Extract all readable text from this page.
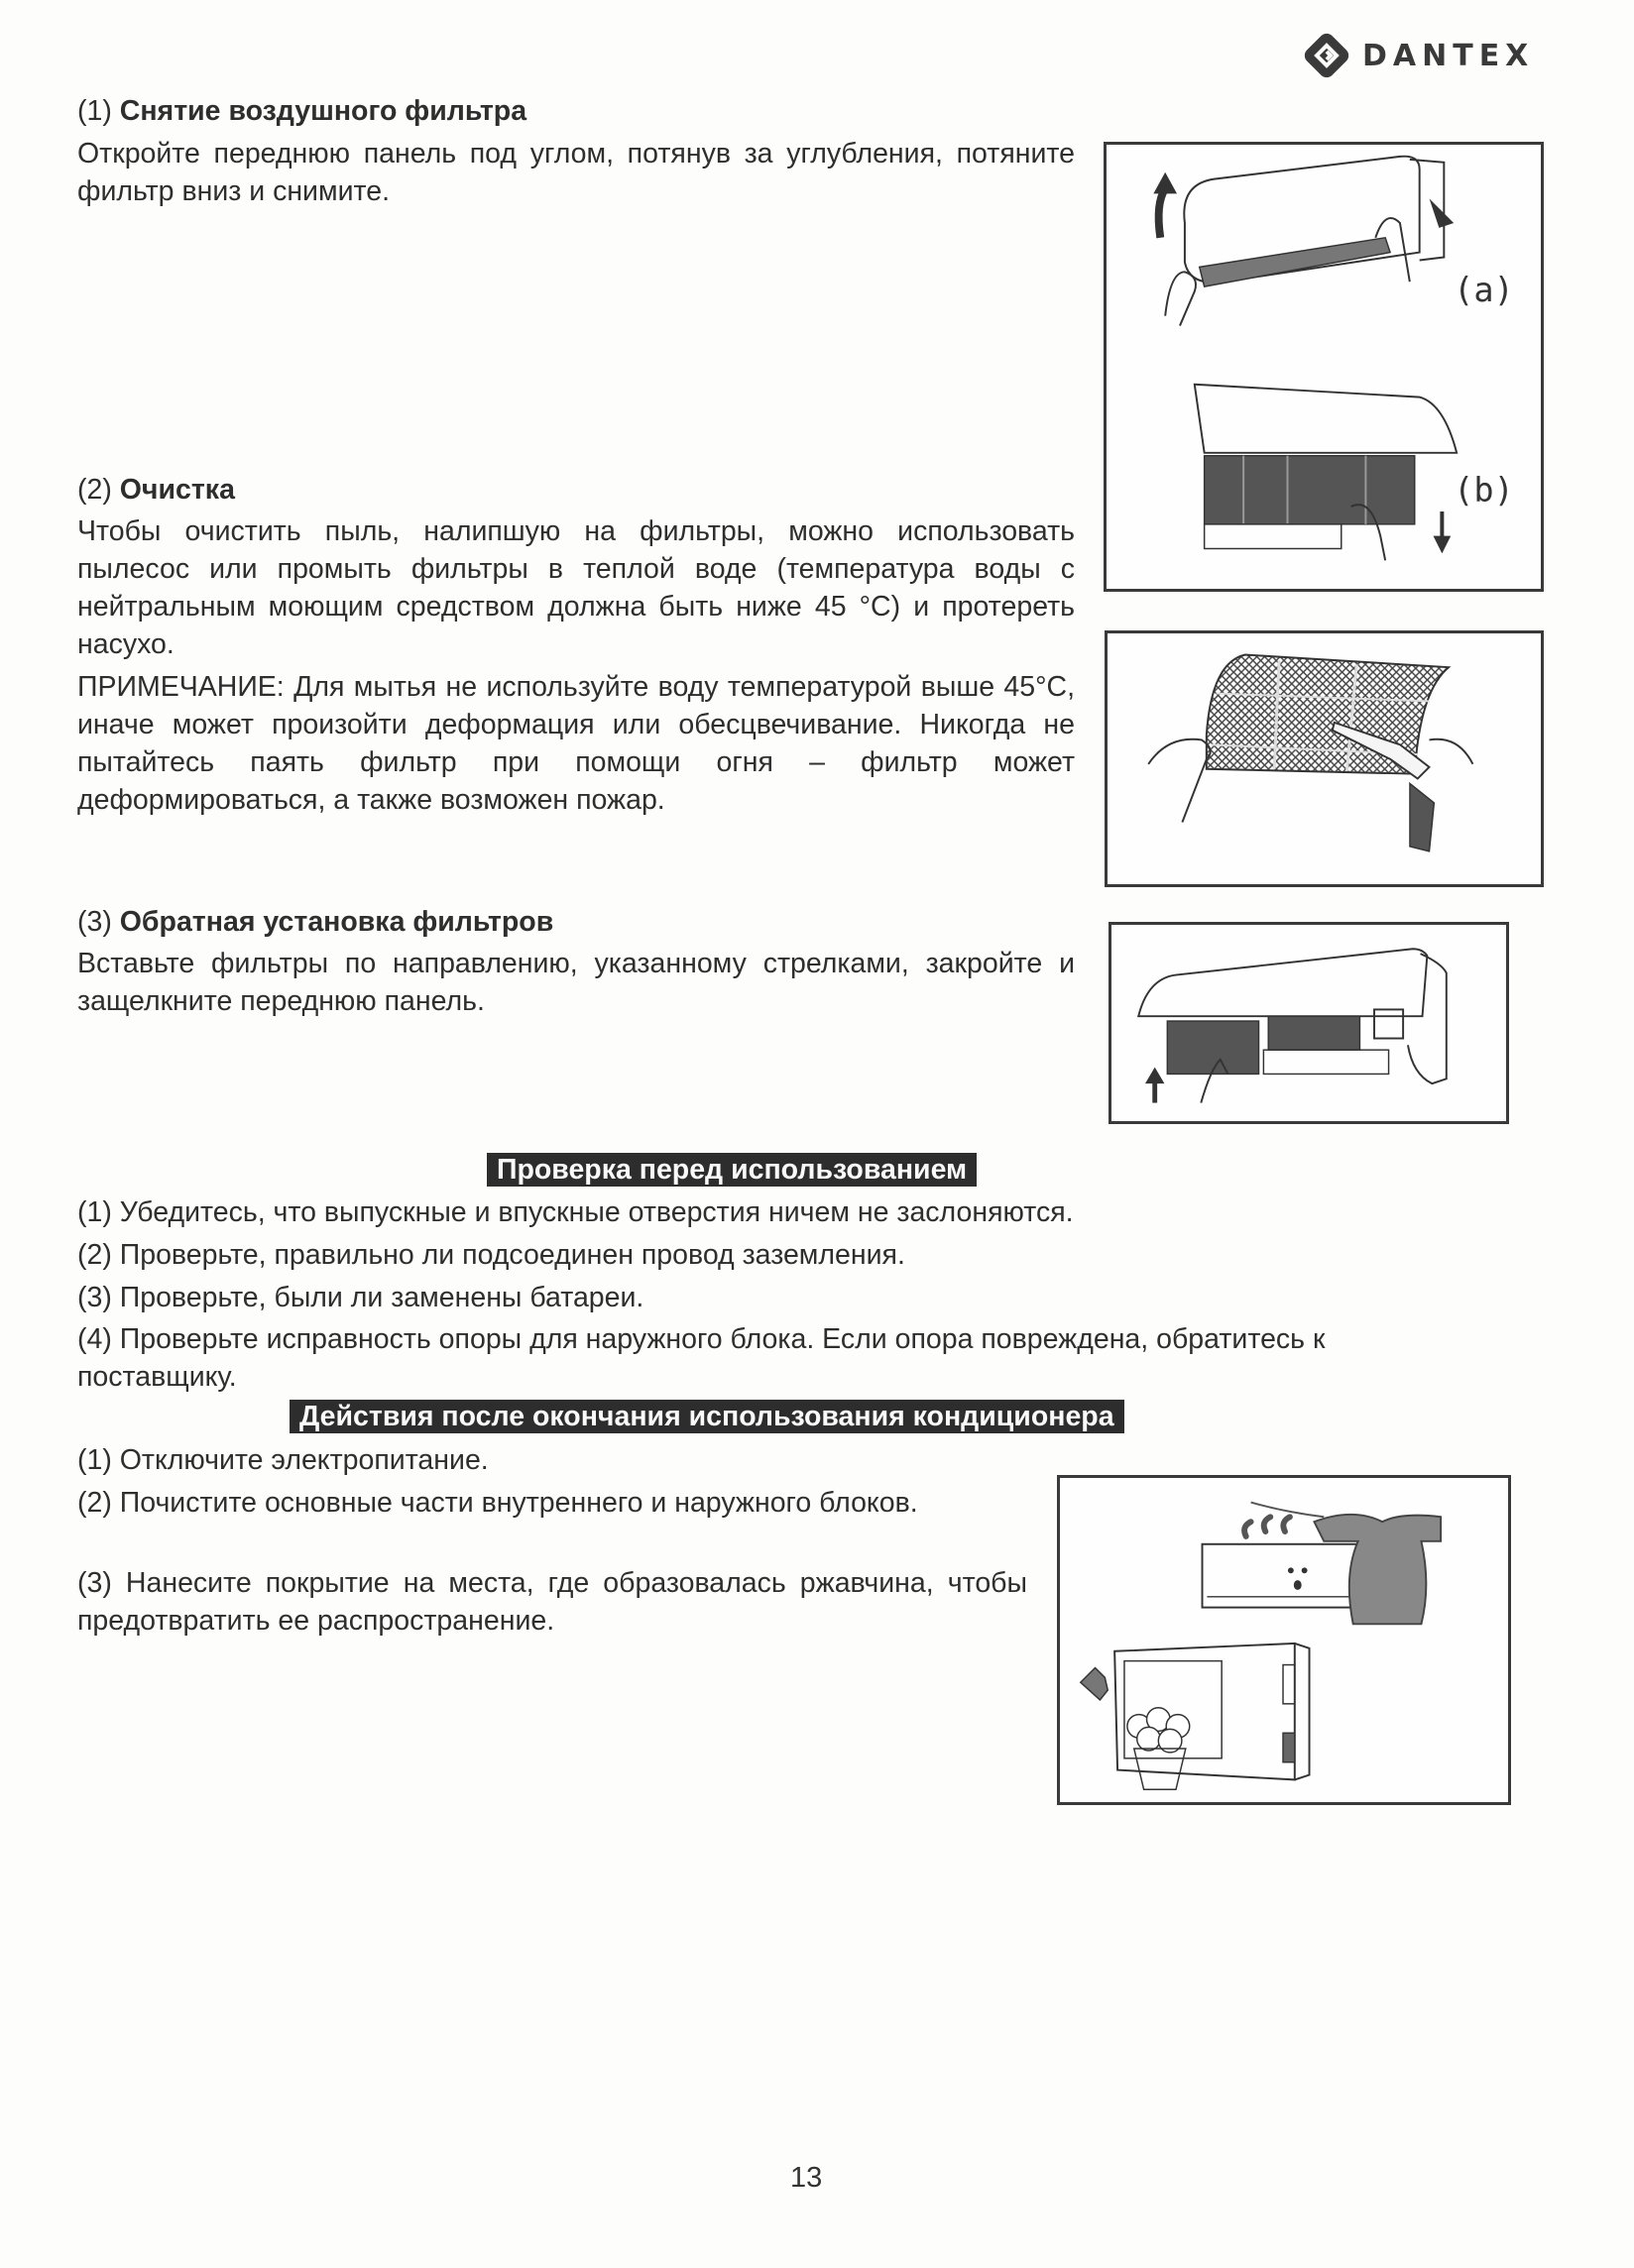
DANTEX
(1) Снятие воздушного фильтра
Откройте переднюю панель под углом, потянув за углубления, потяните фильтр вниз и снимите.
(2) Очистка
Чтобы очистить пыль, налипшую на фильтры, можно использовать пылесос или промыть фильтры в теплой воде (температура воды с нейтральным моющим средством должна быть ниже 45 °C) и протереть насухо.
ПРИМЕЧАНИЕ: Для мытья не используйте воду температурой выше 45°C, иначе может произойти деформация или обесцвечивание. Никогда не пытайтесь паять фильтр при помощи огня – фильтр может деформироваться, а также возможен пожар.
(3) Обратная установка фильтров
Вставьте фильтры по направлению, указанному стрелками, закройте и защелкните переднюю панель.
(a)
(b)
Проверка перед использованием
(1) Убедитесь, что выпускные и впускные отверстия ничем не заслоняются.
(2) Проверьте, правильно ли подсоединен провод заземления.
(3) Проверьте, были ли заменены батареи.
(4) Проверьте исправность опоры для наружного блока. Если опора повреждена, обратитесь к поставщику.
Действия после окончания использования кондиционера
(1) Отключите электропитание.
(2) Почистите основные части внутреннего и наружного блоков.
(3) Нанесите покрытие на места, где образовалась ржавчина, чтобы предотвратить ее распространение.
13
